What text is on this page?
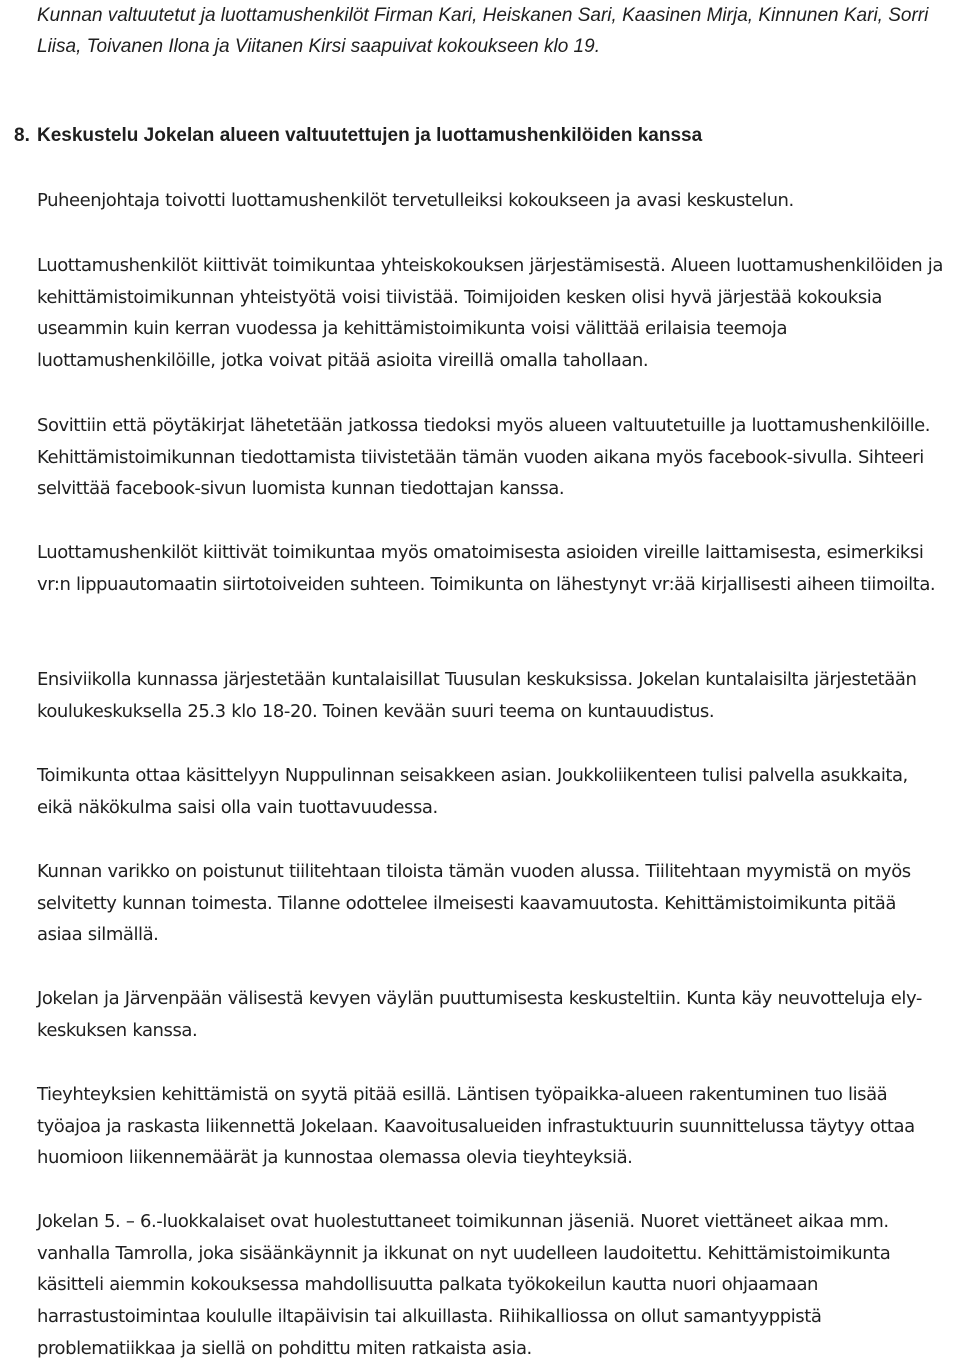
Kunnan valtuutetut ja luottamushenkilöt Firman Kari, Heiskanen Sari, Kaasinen Mirja, Kinnunen Kari, Sorri Liisa, Toivanen Ilona ja Viitanen Kirsi saapuivat kokoukseen klo 19.

8. Keskustelu Jokelan alueen valtuutettujen ja luottamushenkilöiden kanssa

Puheenjohtaja toivotti luottamushenkilöt tervetulleiksi kokoukseen ja avasi keskustelun.

Luottamushenkilöt kiittivät toimikuntaa yhteiskokouksen järjestämisestä. Alueen luottamushenkilöiden ja kehittämistoimikunnan yhteistyötä voisi tiivistää. Toimijoiden kesken olisi hyvä järjestää kokouksia useammin kuin kerran vuodessa ja kehittämistoimikunta voisi välittää erilaisia teemoja luottamushenkilöille, jotka voivat pitää asioita vireillä omalla tahollaan.

Sovittiin että pöytäkirjat lähetetään jatkossa tiedoksi myös alueen valtuutetuille ja luottamushenkilöille. Kehittämistoimikunnan tiedottamista tiivistetään tämän vuoden aikana myös facebook-sivulla. Sihteeri selvittää facebook-sivun luomista kunnan tiedottajan kanssa.

Luottamushenkilöt kiittivät toimikuntaa myös omatoimisesta asioiden vireille laittamisesta, esimerkiksi vr:n lippuautomaatin siirtotoiveiden suhteen. Toimikunta on lähestynyt vr:ää kirjallisesti aiheen tiimoilta.

Ensiviikolla kunnassa järjestetään kuntalaisillat Tuusulan keskuksissa. Jokelan kuntalaisilta järjestetään koulukeskuksella 25.3 klo 18-20. Toinen kevään suuri teema on kuntauudistus.

Toimikunta ottaa käsittelyyn Nuppulinnan seisakkeen asian. Joukkoliikenteen tulisi palvella asukkaita, eikä näkökulma saisi olla vain tuottavuudessa.

Kunnan varikko on poistunut tiilitehtaan tiloista tämän vuoden alussa. Tiilitehtaan myymistä on myös selvitetty kunnan toimesta. Tilanne odottelee ilmeisesti kaavamuutosta. Kehittämistoimikunta pitää asiaa silmällä.

Jokelan ja Järvenpään välisestä kevyen väylän puuttumisesta keskusteltiin. Kunta käy neuvotteluja ely-keskuksen kanssa.

Tieyhteyksien kehittämistä on syytä pitää esillä. Läntisen työpaikka-alueen rakentuminen tuo lisää työajoa ja raskasta liikennettä Jokelaan. Kaavoitusalueiden infrastuktuurin suunnittelussa täytyy ottaa huomioon liikennemäärät ja kunnostaa olemassa olevia tieyhteyksiä.

Jokelan 5. – 6.-luokkalaiset ovat huolestuttaneet toimikunnan jäseniä. Nuoret viettäneet aikaa mm. vanhalla Tamrolla, joka sisäänkäynnit ja ikkunat on nyt uudelleen laudoitettu. Kehittämistoimikunta käsitteli aiemmin kokouksessa mahdollisuutta palkata työkokeilun kautta nuori ohjaamaan harrastustoimintaa koululle iltapäivisin tai alkuillasta. Riihikalliossa on ollut samantyyppistä problematiikkaa ja siellä on pohdittu miten ratkaista asia.
